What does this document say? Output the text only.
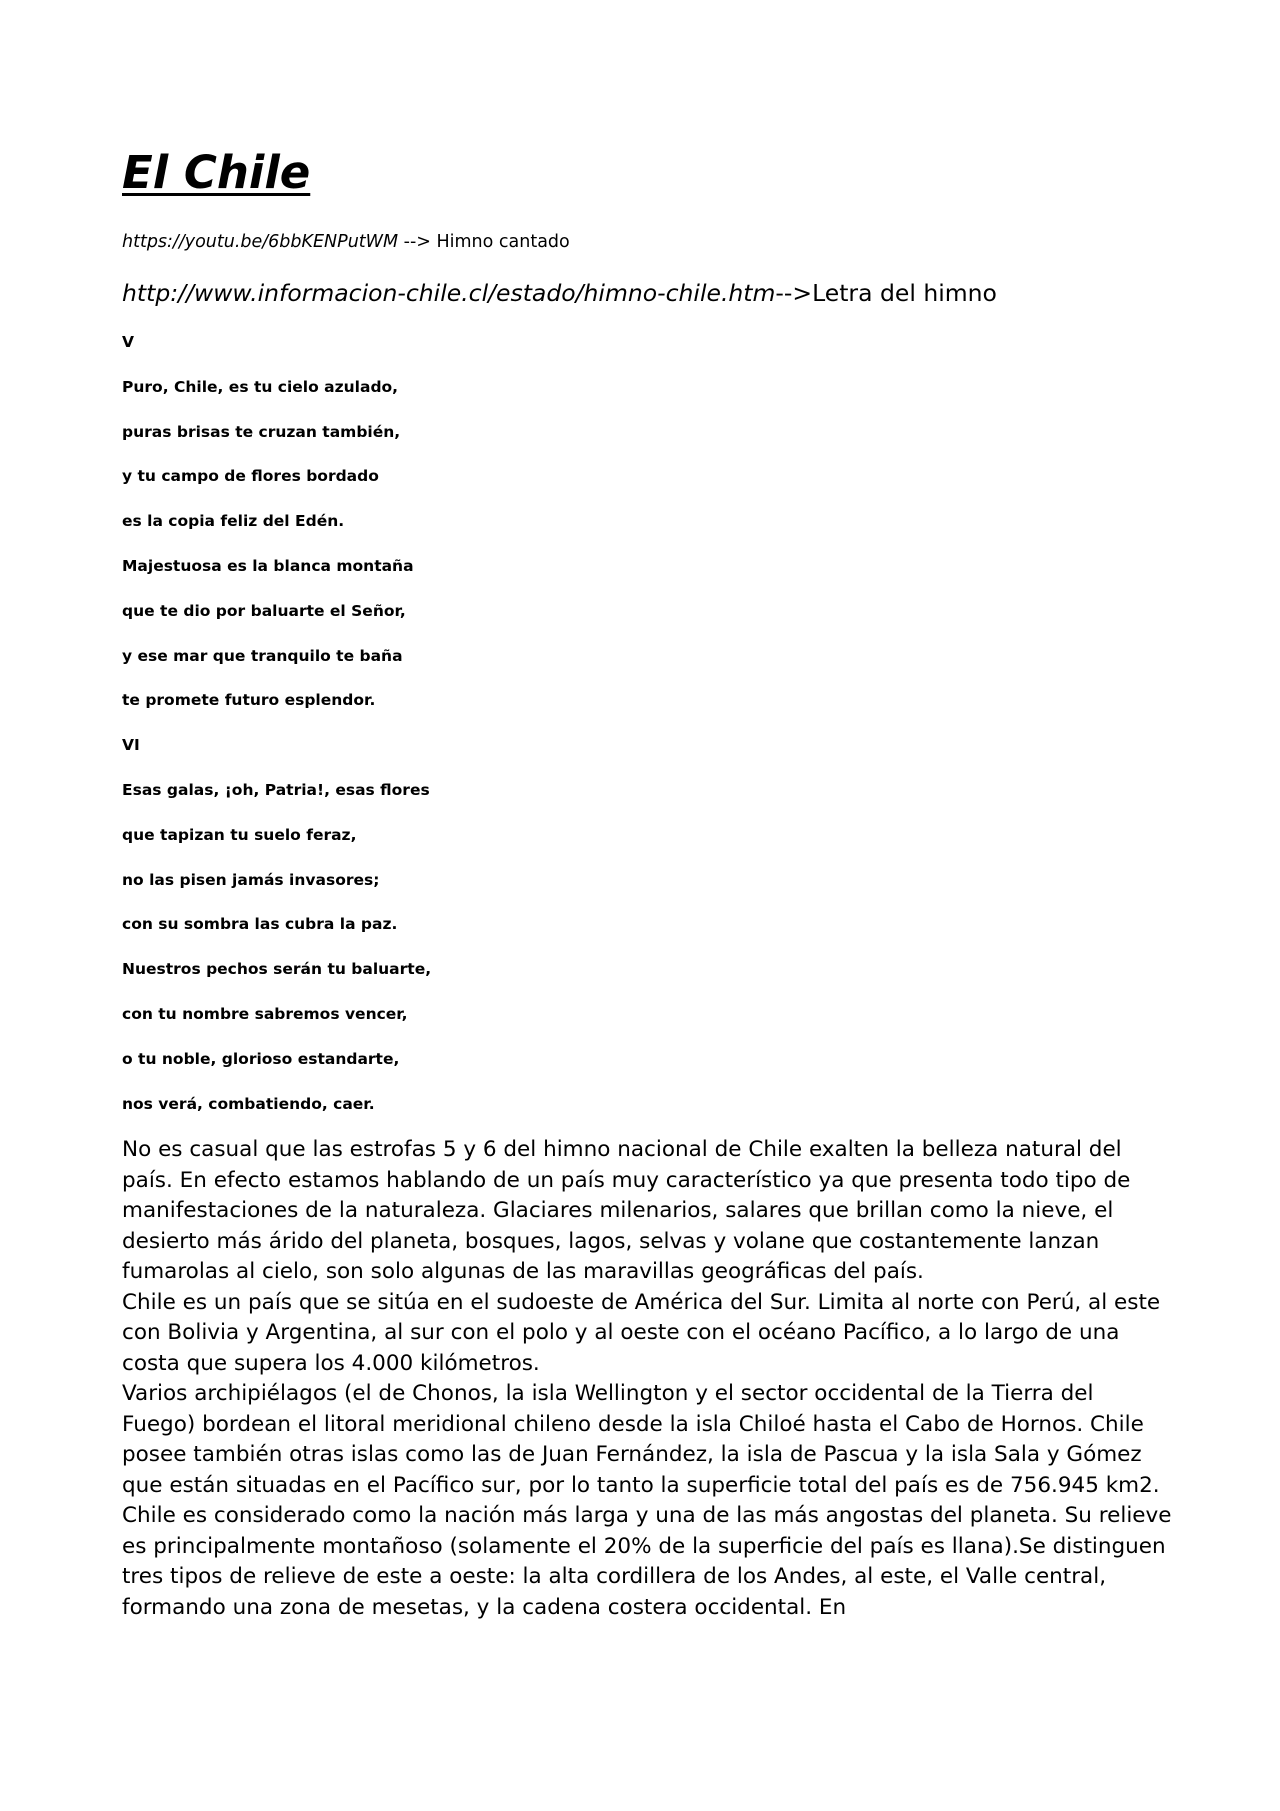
El Chile
https://youtu.be/6bbKENPutWM --> Himno cantado
http://www.informacion-chile.cl/estado/himno-chile.htm-->Letra del himno
V
Puro, Chile, es tu cielo azulado,
puras brisas te cruzan también,
y tu campo de flores bordado
es la copia feliz del Edén.
Majestuosa es la blanca montaña
que te dio por baluarte el Señor,
y ese mar que tranquilo te baña
te promete futuro esplendor.
VI
Esas galas, ¡oh, Patria!, esas flores
que tapizan tu suelo feraz,
no las pisen jamás invasores;
con su sombra las cubra la paz.
Nuestros pechos serán tu baluarte,
con tu nombre sabremos vencer,
o tu noble, glorioso estandarte,
nos verá, combatiendo, caer.

No es casual que las estrofas 5 y 6 del himno nacional de Chile exalten la belleza natural del país. En efecto estamos hablando de un país muy característico ya que presenta todo tipo de manifestaciones de la naturaleza. Glaciares milenarios, salares que brillan como la nieve, el desierto más árido del planeta, bosques, lagos, selvas y volane que costantemente lanzan fumarolas al cielo, son solo algunas de las maravillas geográficas del país.

Chile es un país que se sitúa en el sudoeste de América del Sur. Limita al norte con Perú, al este con Bolivia y Argentina, al sur con el polo y al oeste con el océano Pacífico, a lo largo de una costa que supera los 4.000 kilómetros.

Varios archipiélagos (el de Chonos, la isla Wellington y el sector occidental de la Tierra del Fuego) bordean el litoral meridional chileno desde la isla Chiloé hasta el Cabo de Hornos. Chile posee también otras islas como las de Juan Fernández, la isla de Pascua y la isla Sala y Gómez que están situadas en el Pacífico sur, por lo tanto la superficie total del país es de 756.945 km2.

Chile es considerado como la nación más larga y una de las más angostas del planeta. Su relieve es principalmente montañoso (solamente el 20% de la superficie del país es llana).Se distinguen tres tipos de relieve de este a oeste: la alta cordillera de los Andes, al este, el Valle central, formando una zona de mesetas, y la cadena costera occidental. En
